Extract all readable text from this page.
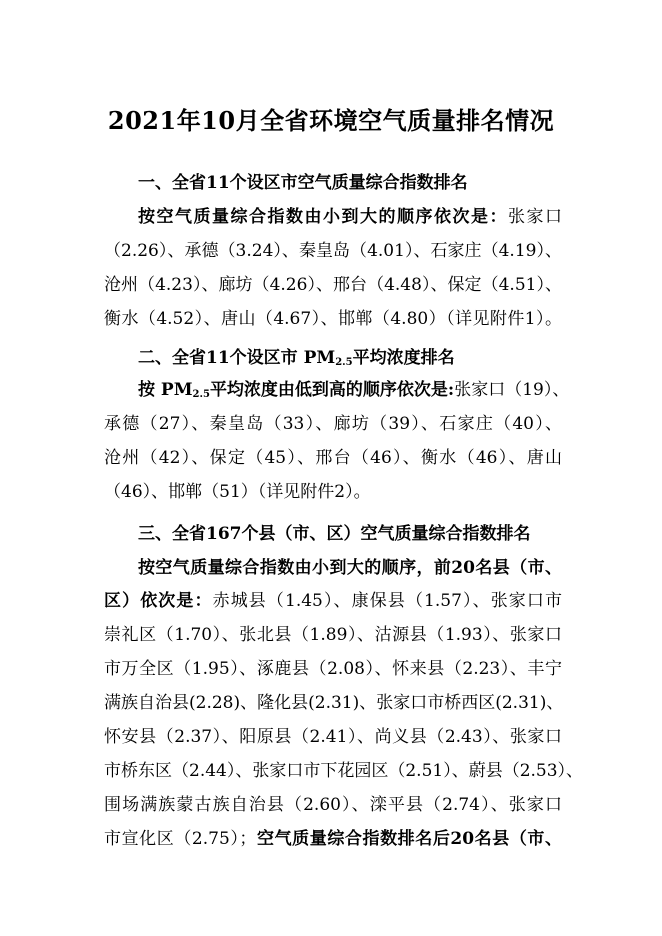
2021年10月全省环境空气质量排名情况
一、全省11个设区市空气质量综合指数排名
按空气质量综合指数由小到大的顺序依次是：张家口
（2.26）、承德（3.24）、秦皇岛（4.01）、石家庄（4.19）、
沧州（4.23）、廊坊（4.26）、邢台（4.48）、保定（4.51）、
衡水（4.52）、唐山（4.67）、邯郸（4.80）（详见附件1）。
二、全省11个设区市 $PM_{2.5}$平均浓度排名
按 $PM_{2.5}$平均浓度由低到高的顺序依次是:张家口（19）、
承德（27）、秦皇岛（33）、廊坊（39）、石家庄（40）、
沧州（42）、保定（45）、邢台（46）、衡水（46）、唐山
（46）、邯郸（51）（详见附件2）。
三、全省167个县（市、区）空气质量综合指数排名
按空气质量综合指数由小到大的顺序，前20名县（市、
区）依次是：赤城县（1.45）、康保县（1.57）、张家口市
崇礼区（1.70）、张北县（1.89）、沽源县（1.93）、张家口
市万全区（1.95）、涿鹿县（2.08）、怀来县（2.23）、丰宁
满族自治县(2.28)、隆化县(2.31)、张家口市桥西区(2.31)、
怀安县（2.37）、阳原县（2.41）、尚义县（2.43）、张家口
市桥东区（2.44）、张家口市下花园区（2.51）、蔚县（2.53）、
围场满族蒙古族自治县（2.60）、滦平县（2.74）、张家口
市宣化区（2.75）；空气质量综合指数排名后20名县（市、
